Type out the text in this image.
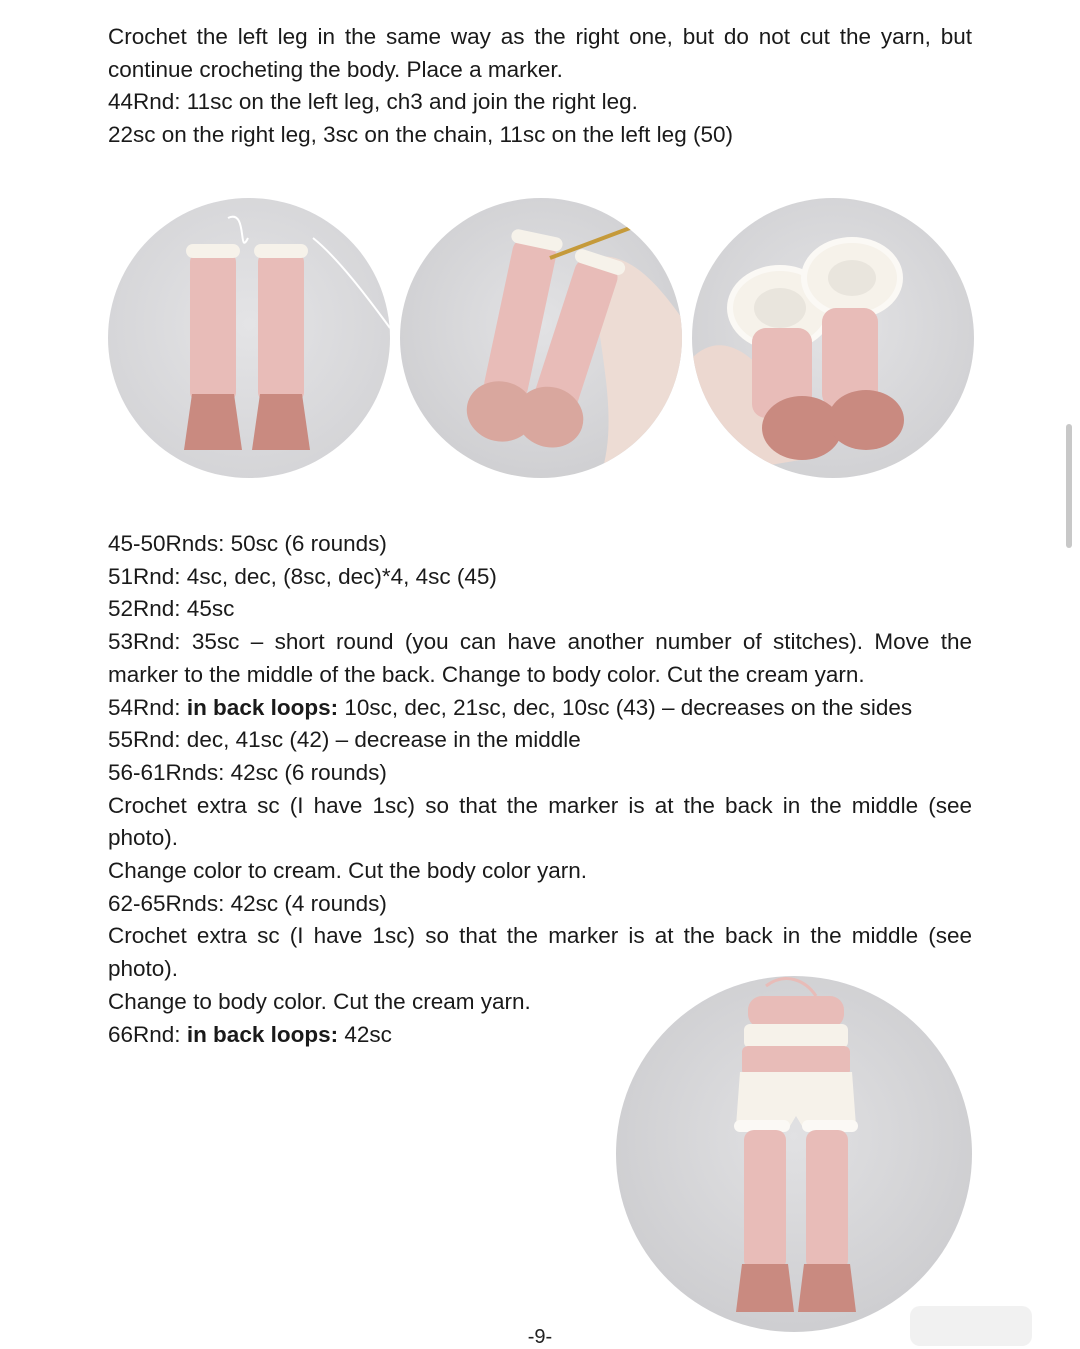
Crochet the left leg in the same way as the right one, but do not cut the yarn, but continue crocheting the body. Place a marker.

44Rnd: 11sc on the left leg, ch3 and join the right leg.

22sc on the right leg, 3sc on the chain, 11sc on the left leg (50)

45-50Rnds: 50sc (6 rounds)

51Rnd: 4sc, dec, (8sc, dec)*4, 4sc (45)

52Rnd: 45sc

53Rnd: 35sc – short round (you can have another number of stitches). Move the marker to the middle of the back. Change to body color. Cut the cream yarn.

54Rnd: in back loops: 10sc, dec, 21sc, dec, 10sc (43) – decreases on the sides

55Rnd: dec, 41sc (42) – decrease in the middle

56-61Rnds: 42sc (6 rounds)

Crochet extra sc (I have 1sc) so that the marker is at the back in the middle (see photo).

Change color to cream. Cut the body color yarn.

62-65Rnds: 42sc (4 rounds)

Crochet extra sc (I have 1sc) so that the marker is at the back in the middle (see photo).

Change to body color. Cut the cream yarn.

66Rnd: in back loops: 42sc

-9-
